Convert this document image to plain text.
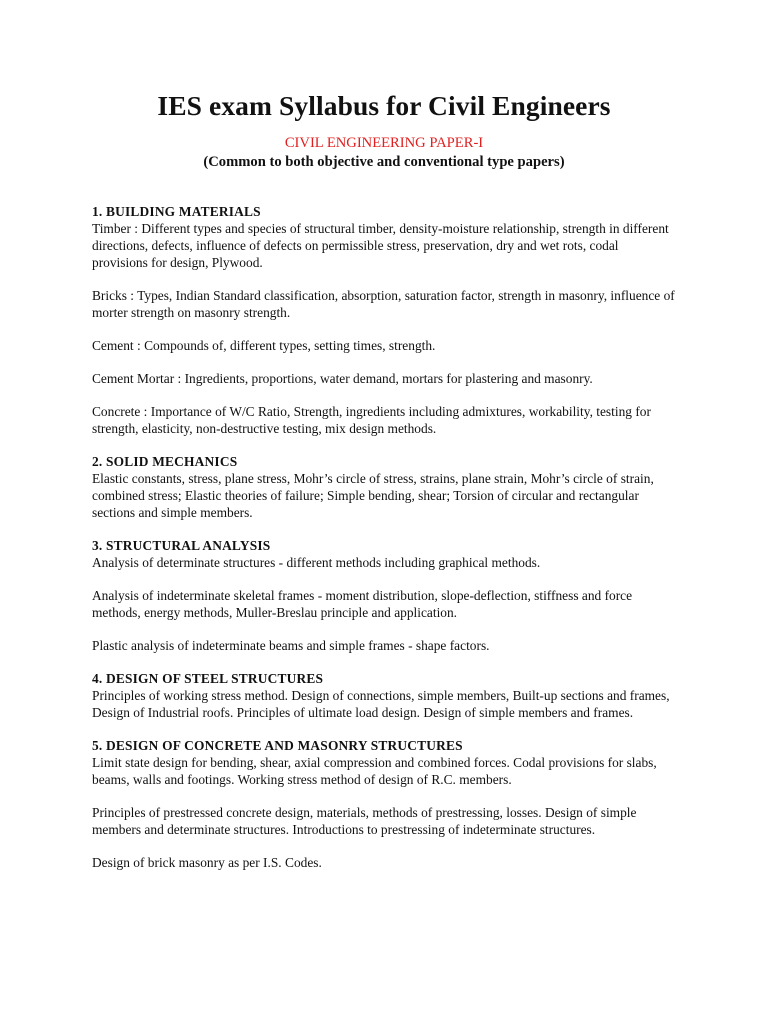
IES exam Syllabus for Civil Engineers
CIVIL ENGINEERING PAPER-I
(Common to both objective and conventional type papers)
1. BUILDING MATERIALS

Timber : Different types and species of structural timber, density-moisture relationship, strength in different directions, defects, influence of defects on permissible stress, preservation, dry and wet rots, codal provisions for design, Plywood.

Bricks : Types, Indian Standard classification, absorption, saturation factor, strength in masonry, influence of morter strength on masonry strength.

Cement : Compounds of, different types, setting times, strength.

Cement Mortar : Ingredients, proportions, water demand, mortars for plastering and masonry.

Concrete : Importance of W/C Ratio, Strength, ingredients including admixtures, workability, testing for strength, elasticity, non-destructive testing, mix design methods.

2. SOLID MECHANICS

Elastic constants, stress, plane stress, Mohr’s circle of stress, strains, plane strain, Mohr’s circle of strain, combined stress; Elastic theories of failure; Simple bending, shear; Torsion of circular and rectangular sections and simple members.

3. STRUCTURAL ANALYSIS

Analysis of determinate structures - different methods including graphical methods.

Analysis of indeterminate skeletal frames - moment distribution, slope-deflection, stiffness and force methods, energy methods, Muller-Breslau principle and application.

Plastic analysis of indeterminate beams and simple frames - shape factors.

4. DESIGN OF STEEL STRUCTURES

Principles of working stress method. Design of connections, simple members, Built-up sections and frames, Design of Industrial roofs. Principles of ultimate load design. Design of simple members and frames.

5. DESIGN OF CONCRETE AND MASONRY STRUCTURES

Limit state design for bending, shear, axial compression and combined forces. Codal provisions for slabs, beams, walls and footings. Working stress method of design of R.C. members.

Principles of prestressed concrete design, materials, methods of prestressing, losses. Design of simple members and determinate structures. Introductions to prestressing of indeterminate structures.

Design of brick masonry as per I.S. Codes.
